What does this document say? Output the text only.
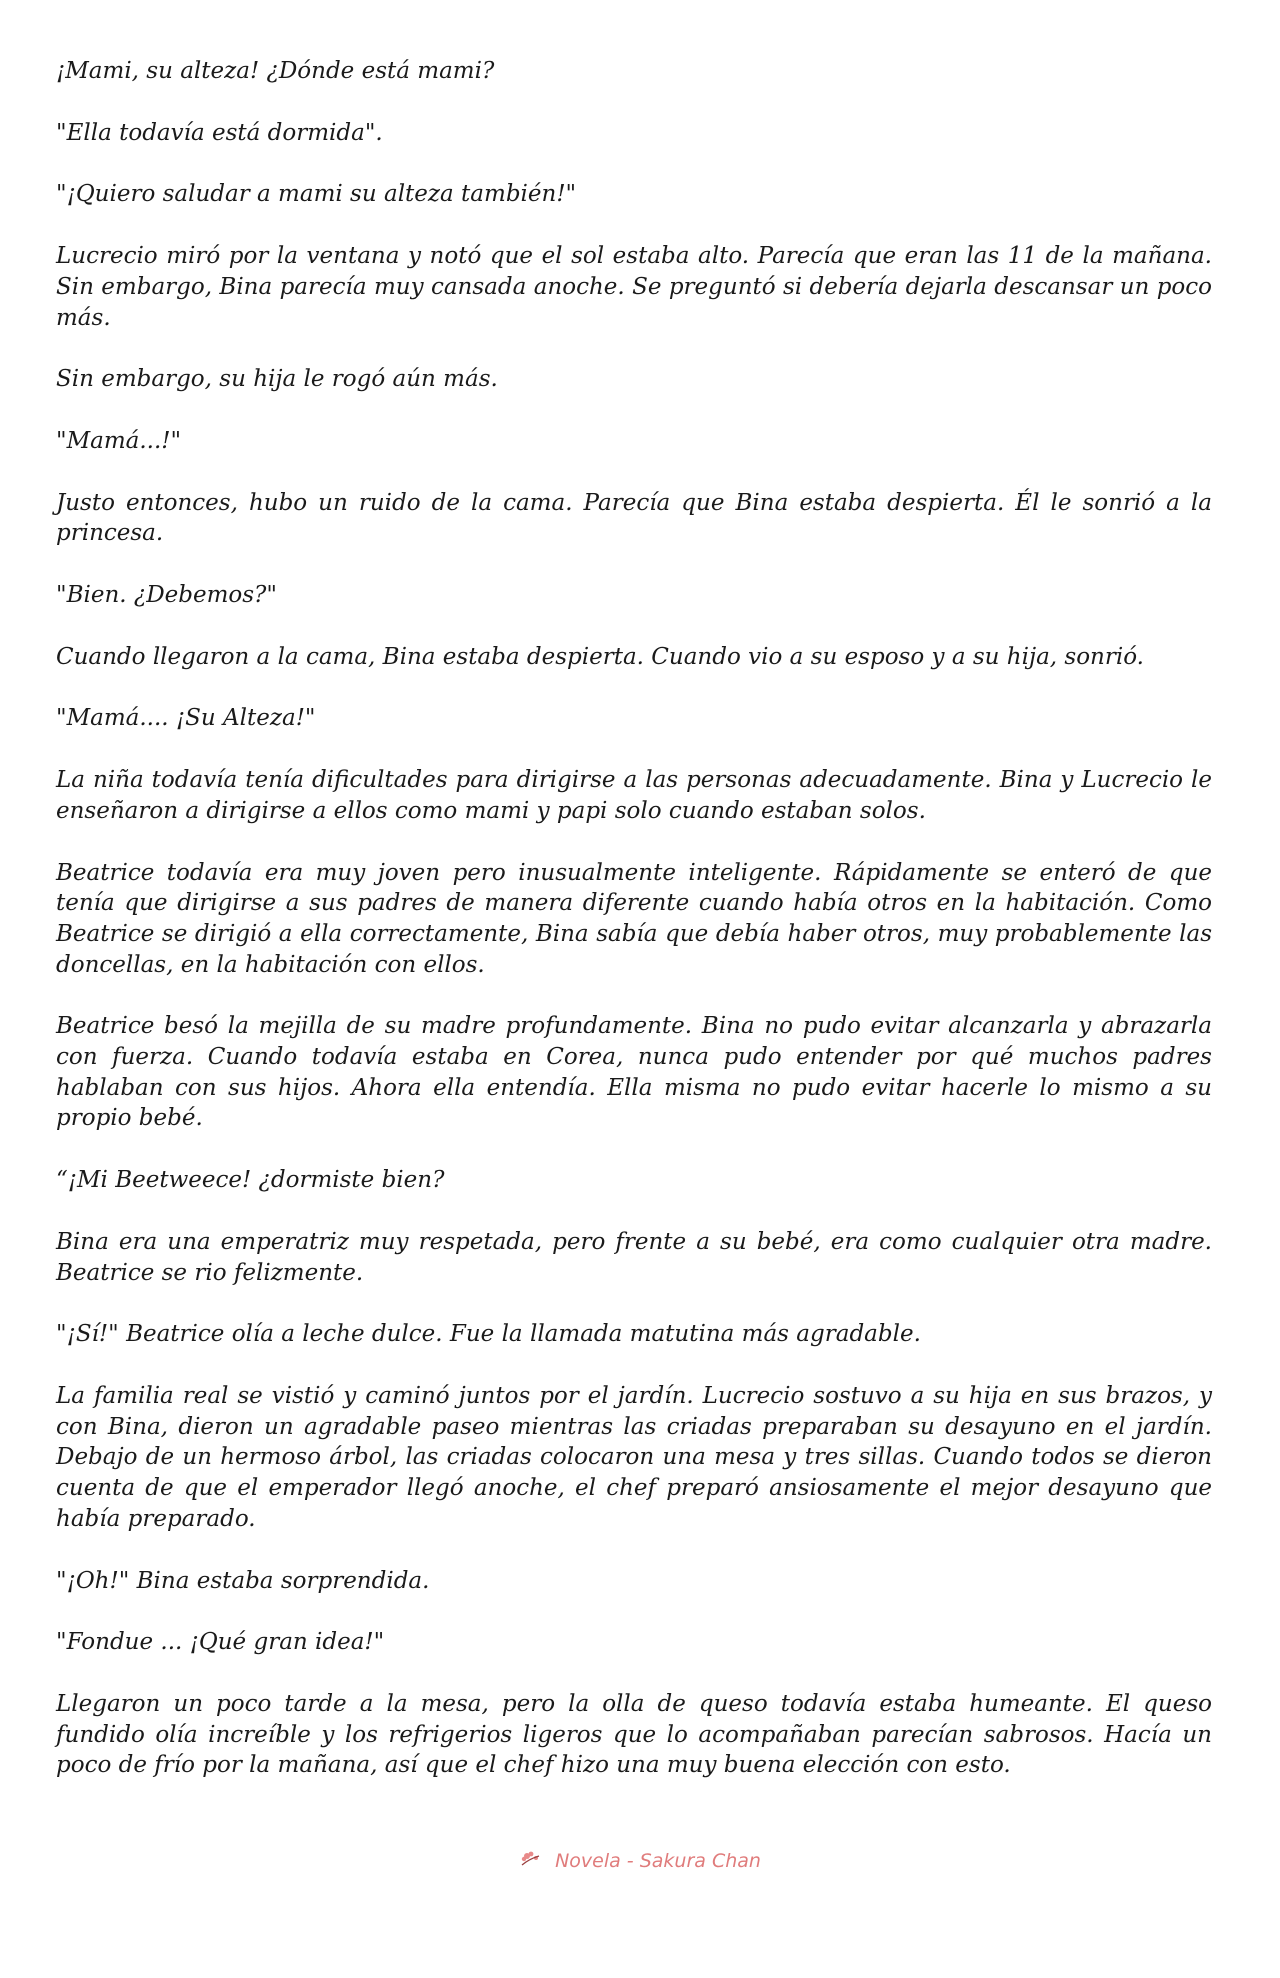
¡Mami, su alteza! ¿Dónde está mami?

"Ella todavía está dormida".

"¡Quiero saludar a mami su alteza también!"

Lucrecio miró por la ventana y notó que el sol estaba alto. Parecía que eran las 11 de la mañana. Sin embargo, Bina parecía muy cansada anoche. Se preguntó si debería dejarla descansar un poco más.

Sin embargo, su hija le rogó aún más.

"Mamá...!"

Justo entonces, hubo un ruido de la cama. Parecía que Bina estaba despierta. Él le sonrió a la princesa.

"Bien. ¿Debemos?"

Cuando llegaron a la cama, Bina estaba despierta. Cuando vio a su esposo y a su hija, sonrió.

"Mamá.... ¡Su Alteza!"

La niña todavía tenía dificultades para dirigirse a las personas adecuadamente. Bina y Lucrecio le enseñaron a dirigirse a ellos como mami y papi solo cuando estaban solos.

Beatrice todavía era muy joven pero inusualmente inteligente. Rápidamente se enteró de que tenía que dirigirse a sus padres de manera diferente cuando había otros en la habitación. Como Beatrice se dirigió a ella correctamente, Bina sabía que debía haber otros, muy probablemente las doncellas, en la habitación con ellos.

Beatrice besó la mejilla de su madre profundamente. Bina no pudo evitar alcanzarla y abrazarla con fuerza. Cuando todavía estaba en Corea, nunca pudo entender por qué muchos padres hablaban con sus hijos. Ahora ella entendía. Ella misma no pudo evitar hacerle lo mismo a su propio bebé.

“¡Mi Beetweece! ¿dormiste bien?

Bina era una emperatriz muy respetada, pero frente a su bebé, era como cualquier otra madre. Beatrice se rio felizmente.

"¡Sí!" Beatrice olía a leche dulce. Fue la llamada matutina más agradable.

La familia real se vistió y caminó juntos por el jardín. Lucrecio sostuvo a su hija en sus brazos, y con Bina, dieron un agradable paseo mientras las criadas preparaban su desayuno en el jardín. Debajo de un hermoso árbol, las criadas colocaron una mesa y tres sillas. Cuando todos se dieron cuenta de que el emperador llegó anoche, el chef preparó ansiosamente el mejor desayuno que había preparado.

"¡Oh!" Bina estaba sorprendida.

"Fondue ... ¡Qué gran idea!"

Llegaron un poco tarde a la mesa, pero la olla de queso todavía estaba humeante. El queso fundido olía increíble y los refrigerios ligeros que lo acompañaban parecían sabrosos. Hacía un poco de frío por la mañana, así que el chef hizo una muy buena elección con esto.

Novela - Sakura Chan
